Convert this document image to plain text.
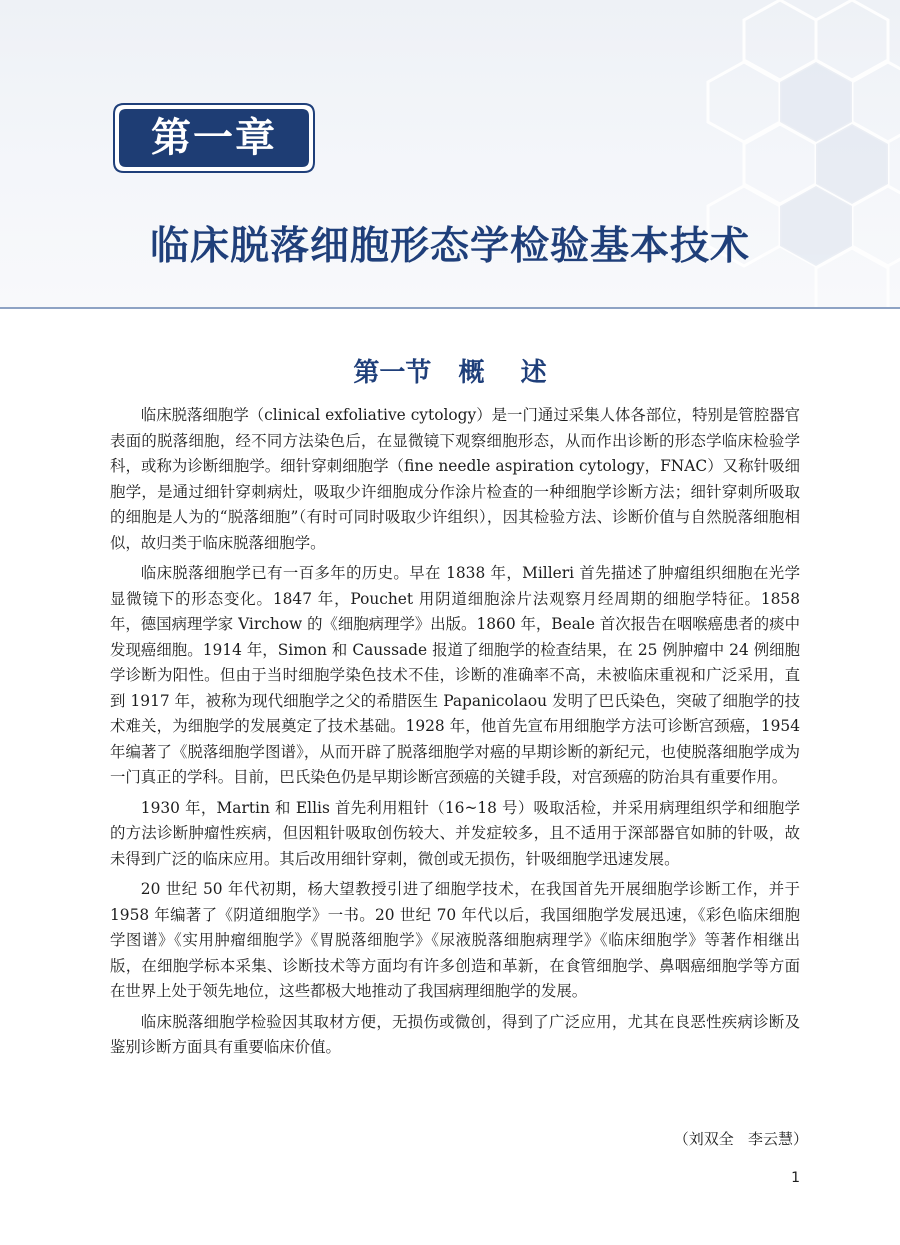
第一章
临床脱落细胞形态学检验基本技术
第一节   概    述

临床脱落细胞学（clinical exfoliative cytology）是一门通过采集人体各部位，特别是管腔器官表面的脱落细胞，经不同方法染色后，在显微镜下观察细胞形态，从而作出诊断的形态学临床检验学科，或称为诊断细胞学。细针穿刺细胞学（fine needle aspiration cytology，FNAC）又称针吸细胞学，是通过细针穿刺病灶，吸取少许细胞成分作涂片检查的一种细胞学诊断方法；细针穿刺所吸取的细胞是人为的“脱落细胞”（有时可同时吸取少许组织），因其检验方法、诊断价值与自然脱落细胞相似，故归类于临床脱落细胞学。

临床脱落细胞学已有一百多年的历史。早在 1838 年，Milleri 首先描述了肿瘤组织细胞在光学显微镜下的形态变化。1847 年，Pouchet 用阴道细胞涂片法观察月经周期的细胞学特征。1858 年，德国病理学家 Virchow 的《细胞病理学》出版。1860 年，Beale 首次报告在咽喉癌患者的痰中发现癌细胞。1914 年，Simon 和 Caussade 报道了细胞学的检查结果，在 25 例肿瘤中 24 例细胞学诊断为阳性。但由于当时细胞学染色技术不佳，诊断的准确率不高，未被临床重视和广泛采用，直到 1917 年，被称为现代细胞学之父的希腊医生 Papanicolaou 发明了巴氏染色，突破了细胞学的技术难关，为细胞学的发展奠定了技术基础。1928 年，他首先宣布用细胞学方法可诊断宫颈癌，1954 年编著了《脱落细胞学图谱》，从而开辟了脱落细胞学对癌的早期诊断的新纪元，也使脱落细胞学成为一门真正的学科。目前，巴氏染色仍是早期诊断宫颈癌的关键手段，对宫颈癌的防治具有重要作用。

1930 年，Martin 和 Ellis 首先利用粗针（16~18 号）吸取活检，并采用病理组织学和细胞学的方法诊断肿瘤性疾病，但因粗针吸取创伤较大、并发症较多，且不适用于深部器官如肺的针吸，故未得到广泛的临床应用。其后改用细针穿刺，微创或无损伤，针吸细胞学迅速发展。

20 世纪 50 年代初期，杨大望教授引进了细胞学技术，在我国首先开展细胞学诊断工作，并于 1958 年编著了《阴道细胞学》一书。20 世纪 70 年代以后，我国细胞学发展迅速，《彩色临床细胞学图谱》《实用肿瘤细胞学》《胃脱落细胞学》《尿液脱落细胞病理学》《临床细胞学》等著作相继出版，在细胞学标本采集、诊断技术等方面均有许多创造和革新，在食管细胞学、鼻咽癌细胞学等方面在世界上处于领先地位，这些都极大地推动了我国病理细胞学的发展。

临床脱落细胞学检验因其取材方便，无损伤或微创，得到了广泛应用，尤其在良恶性疾病诊断及鉴别诊断方面具有重要临床价值。

（刘双全   李云慧）
1
